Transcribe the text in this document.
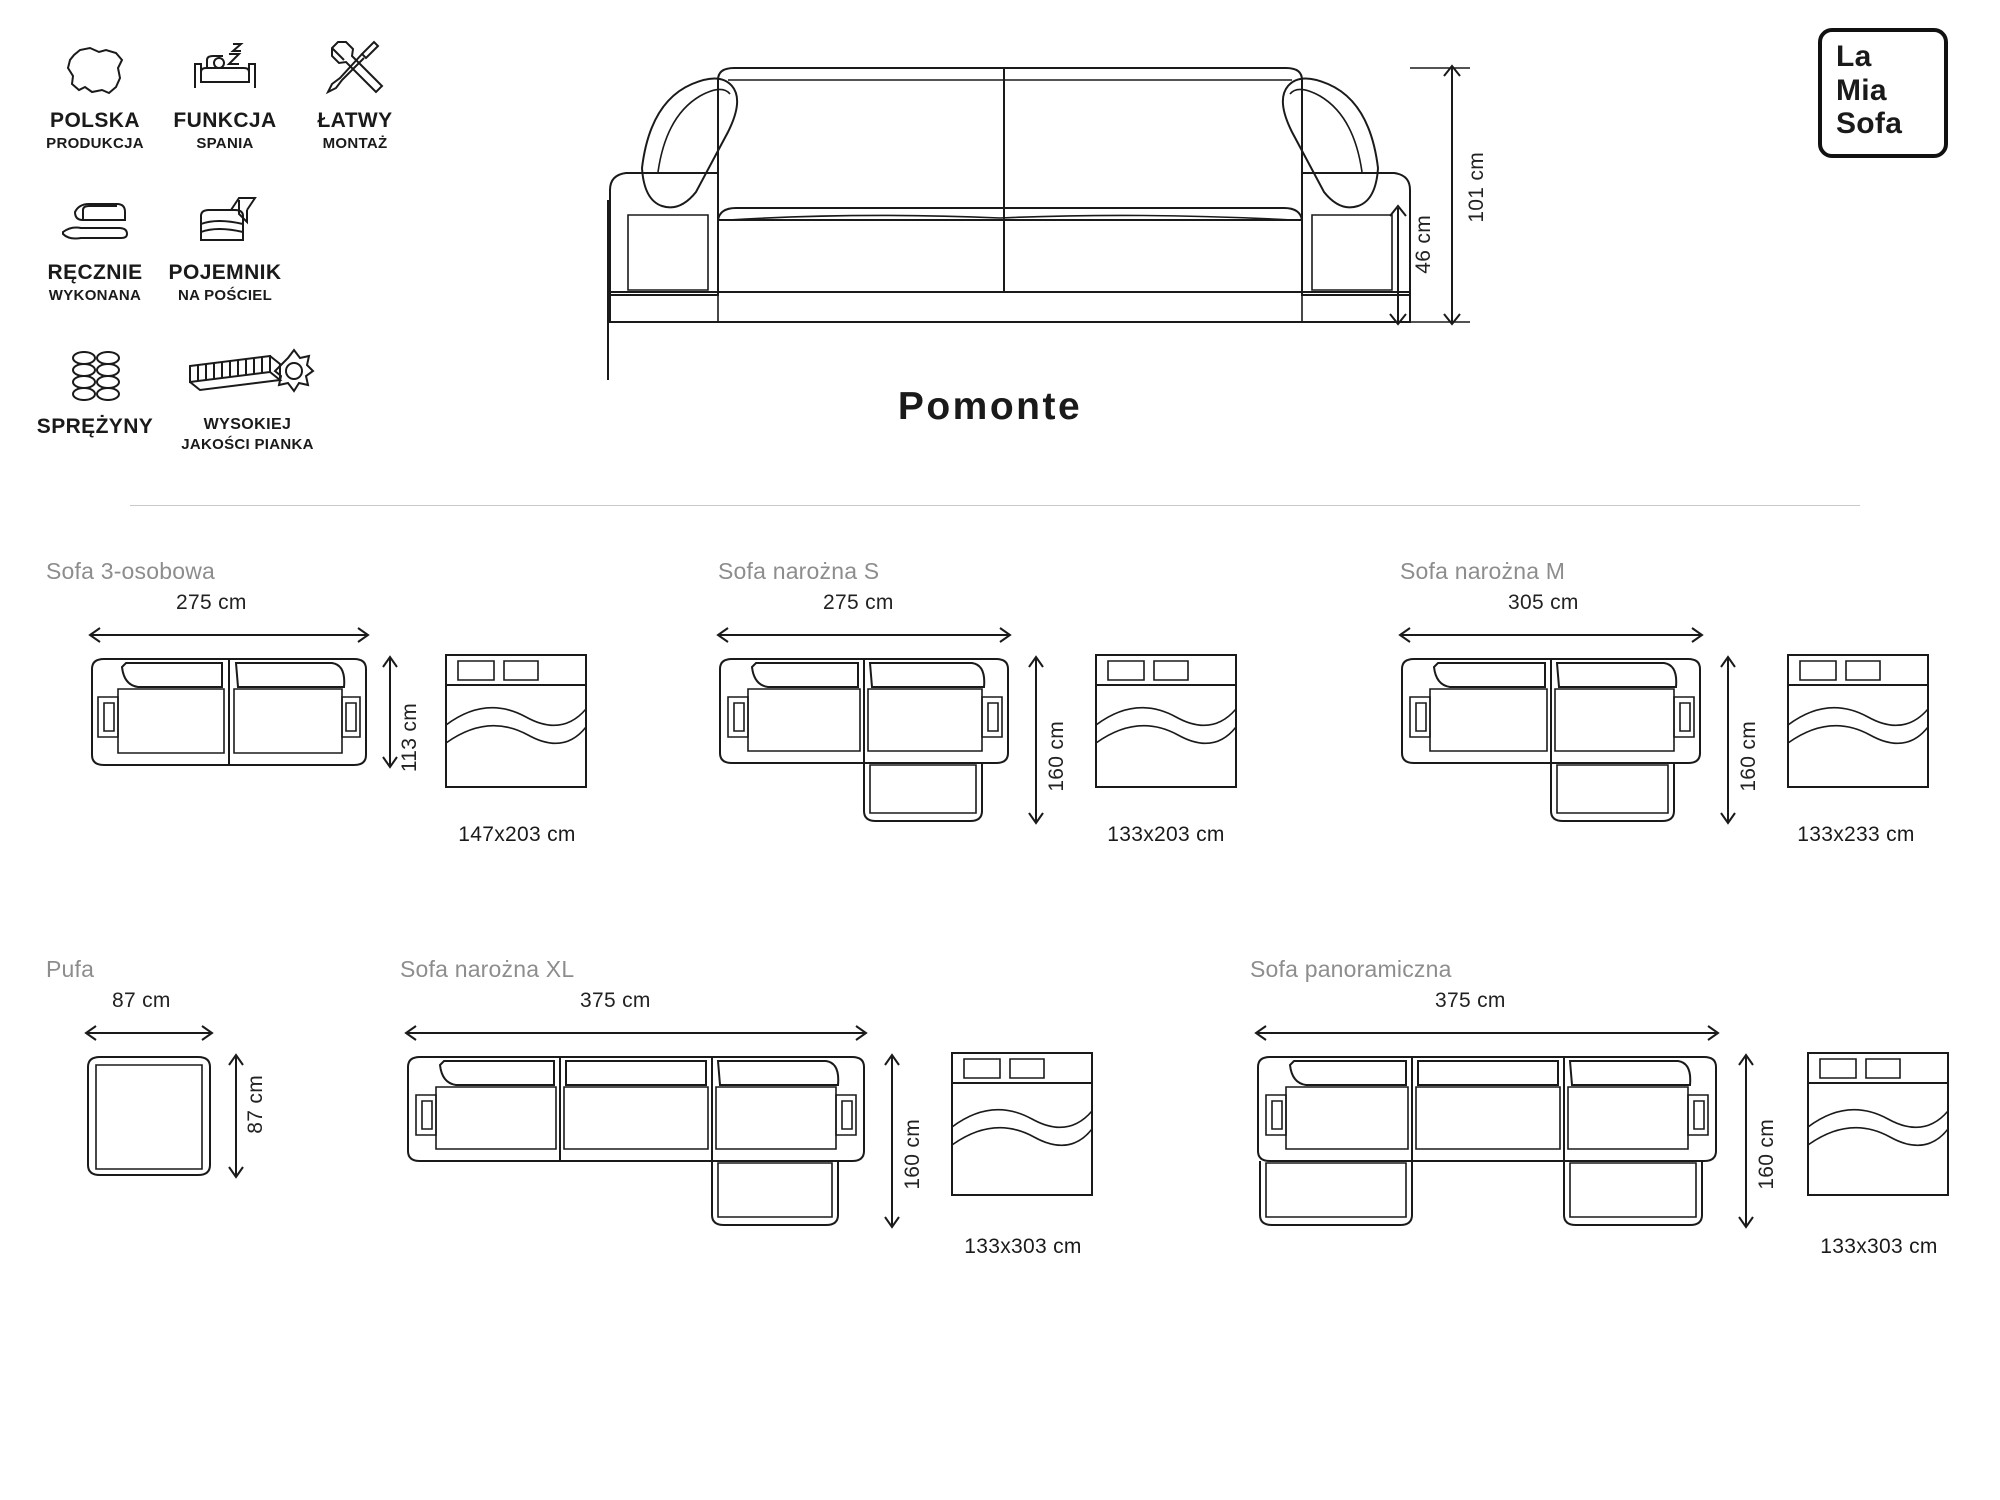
POLSKA
PRODUKCJA
FUNKCJA
SPANIA
ŁATWY
MONTAŻ
RĘCZNIE
WYKONANA
POJEMNIK
NA POŚCIEL
SPRĘŻYNY	WYSOKIEJ
JAKOŚCI PIANKA
101 cm
46 cm
Pomonte
La
Mia
Sofa
Sofa 3-osobowa
275 cm
113 cm
147x203 cm
Sofa narożna S
275 cm
160 cm
133x203 cm
Sofa narożna M
305 cm
160 cm
133x233 cm
Pufa
87 cm
87 cm
Sofa narożna XL
375 cm
160 cm
133x303 cm
Sofa panoramiczna
375 cm
160 cm
133x303 cm
